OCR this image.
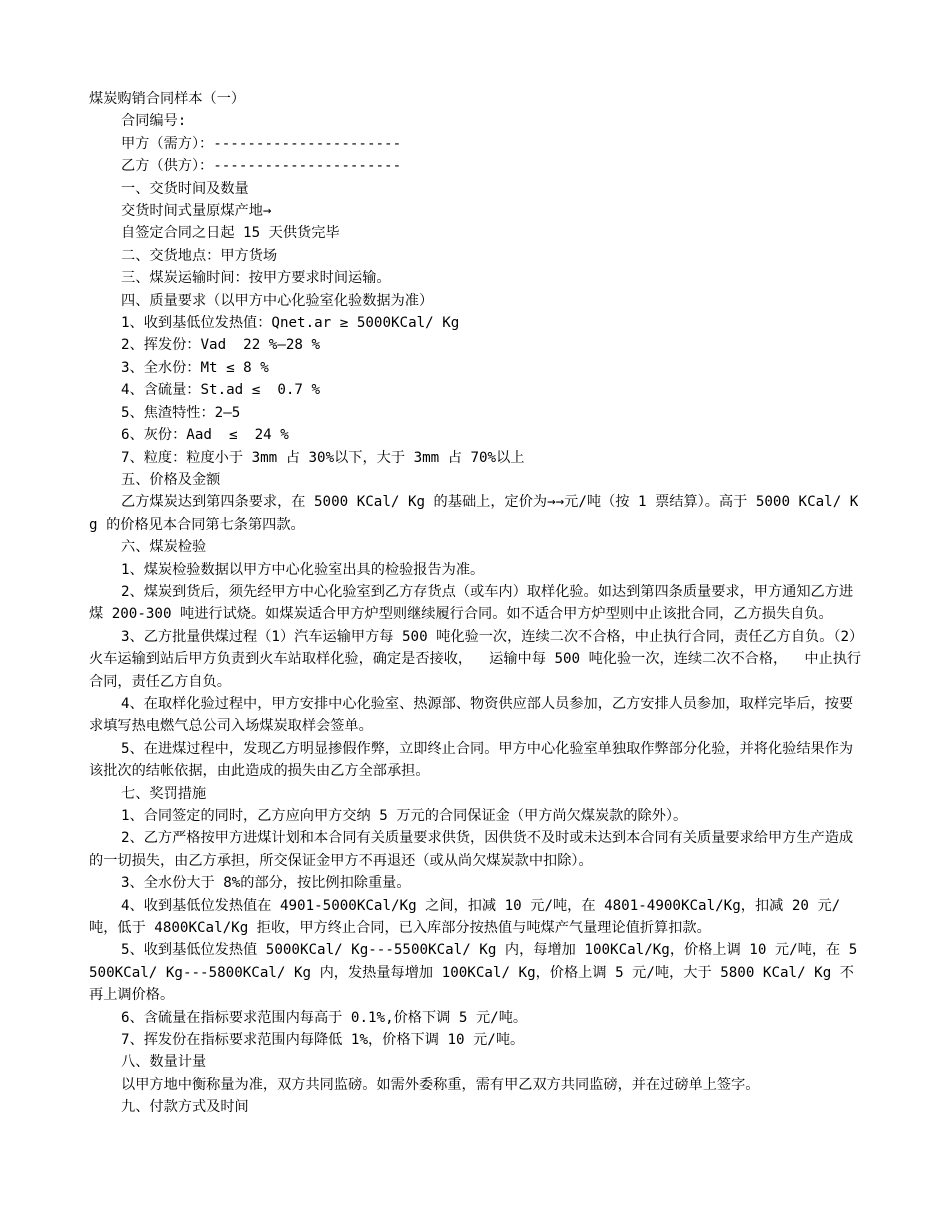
煤炭购销合同样本（一）

合同编号:

甲方（需方）：----------------------

乙方（供方）：----------------------

一、交货时间及数量

交货时间式量原煤产地→

自签定合同之日起 15 天供货完毕

二、交货地点：甲方货场

三、煤炭运输时间：按甲方要求时间运输。

四、质量要求（以甲方中心化验室化验数据为准）

1、收到基低位发热值：Qnet.ar ≥ 5000KCal/ Kg

2、挥发份：Vad  22 %—28 %

3、全水份：Mt ≤ 8 %

4、含硫量：St.ad ≤  0.7 %

5、焦渣特性：2—5

6、灰份：Aad  ≤  24 %

7、粒度：粒度小于 3mm 占 30%以下，大于 3mm 占 70%以上

五、价格及金额

乙方煤炭达到第四条要求，在 5000 KCal/ Kg 的基础上，定价为→→元/吨（按 1 票结算）。高于 5000 KCal/ Kg 的价格见本合同第七条第四款。

六、煤炭检验

1、煤炭检验数据以甲方中心化验室出具的检验报告为准。

2、煤炭到货后，须先经甲方中心化验室到乙方存货点（或车内）取样化验。如达到第四条质量要求，甲方通知乙方进煤 200-300 吨进行试烧。如煤炭适合甲方炉型则继续履行合同。如不适合甲方炉型则中止该批合同，乙方损失自负。

3、乙方批量供煤过程（1）汽车运输甲方每 500 吨化验一次，连续二次不合格，中止执行合同，责任乙方自负。（2）火车运输到站后甲方负责到火车站取样化验，确定是否接收，  运输中每 500 吨化验一次，连续二次不合格，  中止执行合同，责任乙方自负。

4、在取样化验过程中，甲方安排中心化验室、热源部、物资供应部人员参加，乙方安排人员参加，取样完毕后，按要求填写热电燃气总公司入场煤炭取样会签单。

5、在进煤过程中，发现乙方明显掺假作弊，立即终止合同。甲方中心化验室单独取作弊部分化验，并将化验结果作为该批次的结帐依据，由此造成的损失由乙方全部承担。

七、奖罚措施

1、合同签定的同时，乙方应向甲方交纳 5 万元的合同保证金（甲方尚欠煤炭款的除外）。

2、乙方严格按甲方进煤计划和本合同有关质量要求供货，因供货不及时或未达到本合同有关质量要求给甲方生产造成的一切损失，由乙方承担，所交保证金甲方不再退还（或从尚欠煤炭款中扣除）。

3、全水份大于 8%的部分，按比例扣除重量。

4、收到基低位发热值在 4901-5000KCal/Kg 之间，扣减 10 元/吨，在 4801-4900KCal/Kg，扣减 20 元/吨，低于 4800KCal/Kg 拒收，甲方终止合同，已入库部分按热值与吨煤产气量理论值折算扣款。

5、收到基低位发热值 5000KCal/ Kg---5500KCal/ Kg 内，每增加 100KCal/Kg，价格上调 10 元/吨，在 5500KCal/ Kg---5800KCal/ Kg 内，发热量每增加 100KCal/ Kg，价格上调 5 元/吨，大于 5800 KCal/ Kg 不再上调价格。

6、含硫量在指标要求范围内每高于 0.1%,价格下调 5 元/吨。

7、挥发份在指标要求范围内每降低 1%，价格下调 10 元/吨。

八、数量计量

以甲方地中衡称量为准，双方共同监磅。如需外委称重，需有甲乙双方共同监磅，并在过磅单上签字。

九、付款方式及时间
